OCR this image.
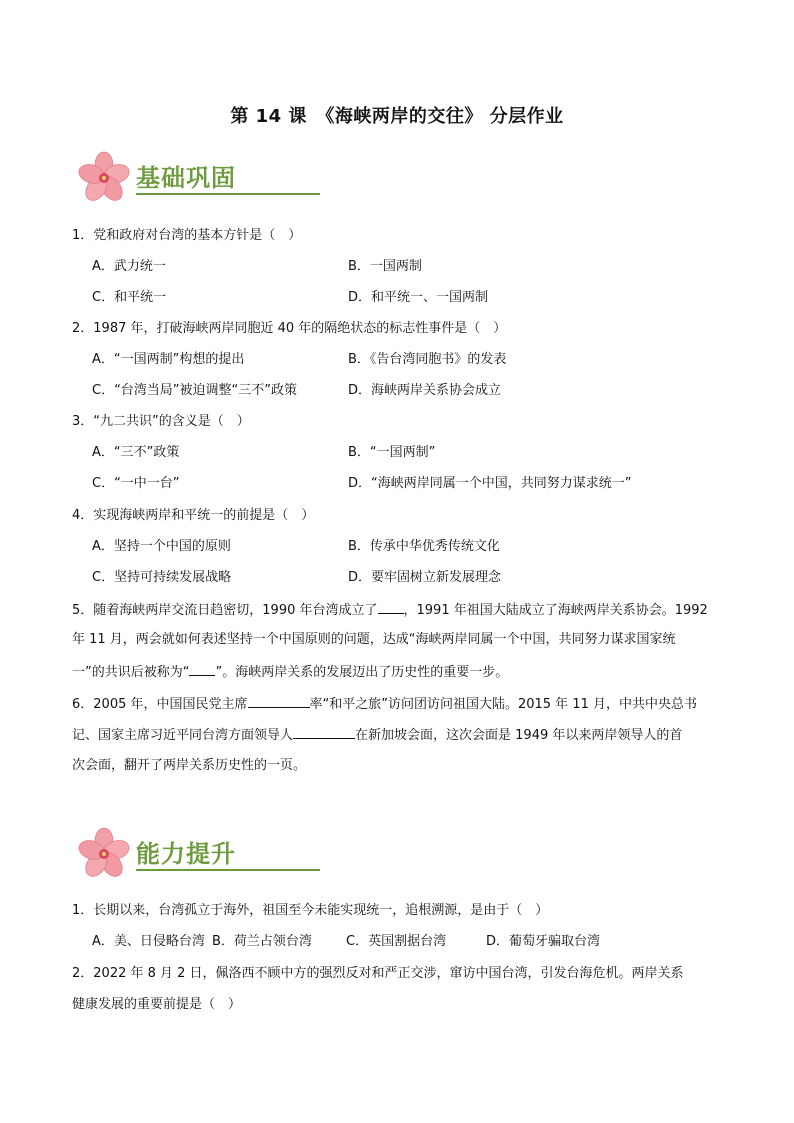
第 14 课　《海峡两岸的交往》 分层作业
基础巩固
1．党和政府对台湾的基本方针是（　）
A．武力统一	B．一国两制
C．和平统一	D．和平统一、一国两制
2．1987 年，打破海峡两岸同胞近 40 年的隔绝状态的标志性事件是（　）
A．“一国两制”构想的提出	B．《告台湾同胞书》的发表
C．“台湾当局”被迫调整“三不”政策	D．海峡两岸关系协会成立
3．“九二共识”的含义是（　）
A．“三不”政策	B．“一国两制”
C．“一中一台”	D．“海峡两岸同属一个中国，共同努力谋求统一”
4．实现海峡两岸和平统一的前提是（　）
A．坚持一个中国的原则	B．传承中华优秀传统文化
C．坚持可持续发展战略	D．要牢固树立新发展理念
5．随着海峡两岸交流日趋密切，1990 年台湾成立了 ，1991 年祖国大陆成立了海峡两岸关系协会。1992
年 11 月，两会就如何表述坚持一个中国原则的问题，达成“海峡两岸同属一个中国，共同努力谋求国家统
一”的共识后被称为“ ”。海峡两岸关系的发展迈出了历史性的重要一步。
6．2005 年，中国国民党主席	率“和平之旅”访问团访问祖国大陆。2015 年 11 月，中共中央总书
记、国家主席习近平同台湾方面领导人	在新加坡会面，这次会面是 1949 年以来两岸领导人的首
次会面，翻开了两岸关系历史性的一页。
能力提升
1．长期以来，台湾孤立于海外，祖国至今未能实现统一，追根溯源，是由于（　）
A．美、日侵略台湾 B．荷兰占领台湾	C．英国割据台湾	D．葡萄牙骗取台湾
2．2022 年 8 月 2 日，佩洛西不顾中方的强烈反对和严正交涉，窜访中国台湾，引发台海危机。两岸关系
健康发展的重要前提是（　）
